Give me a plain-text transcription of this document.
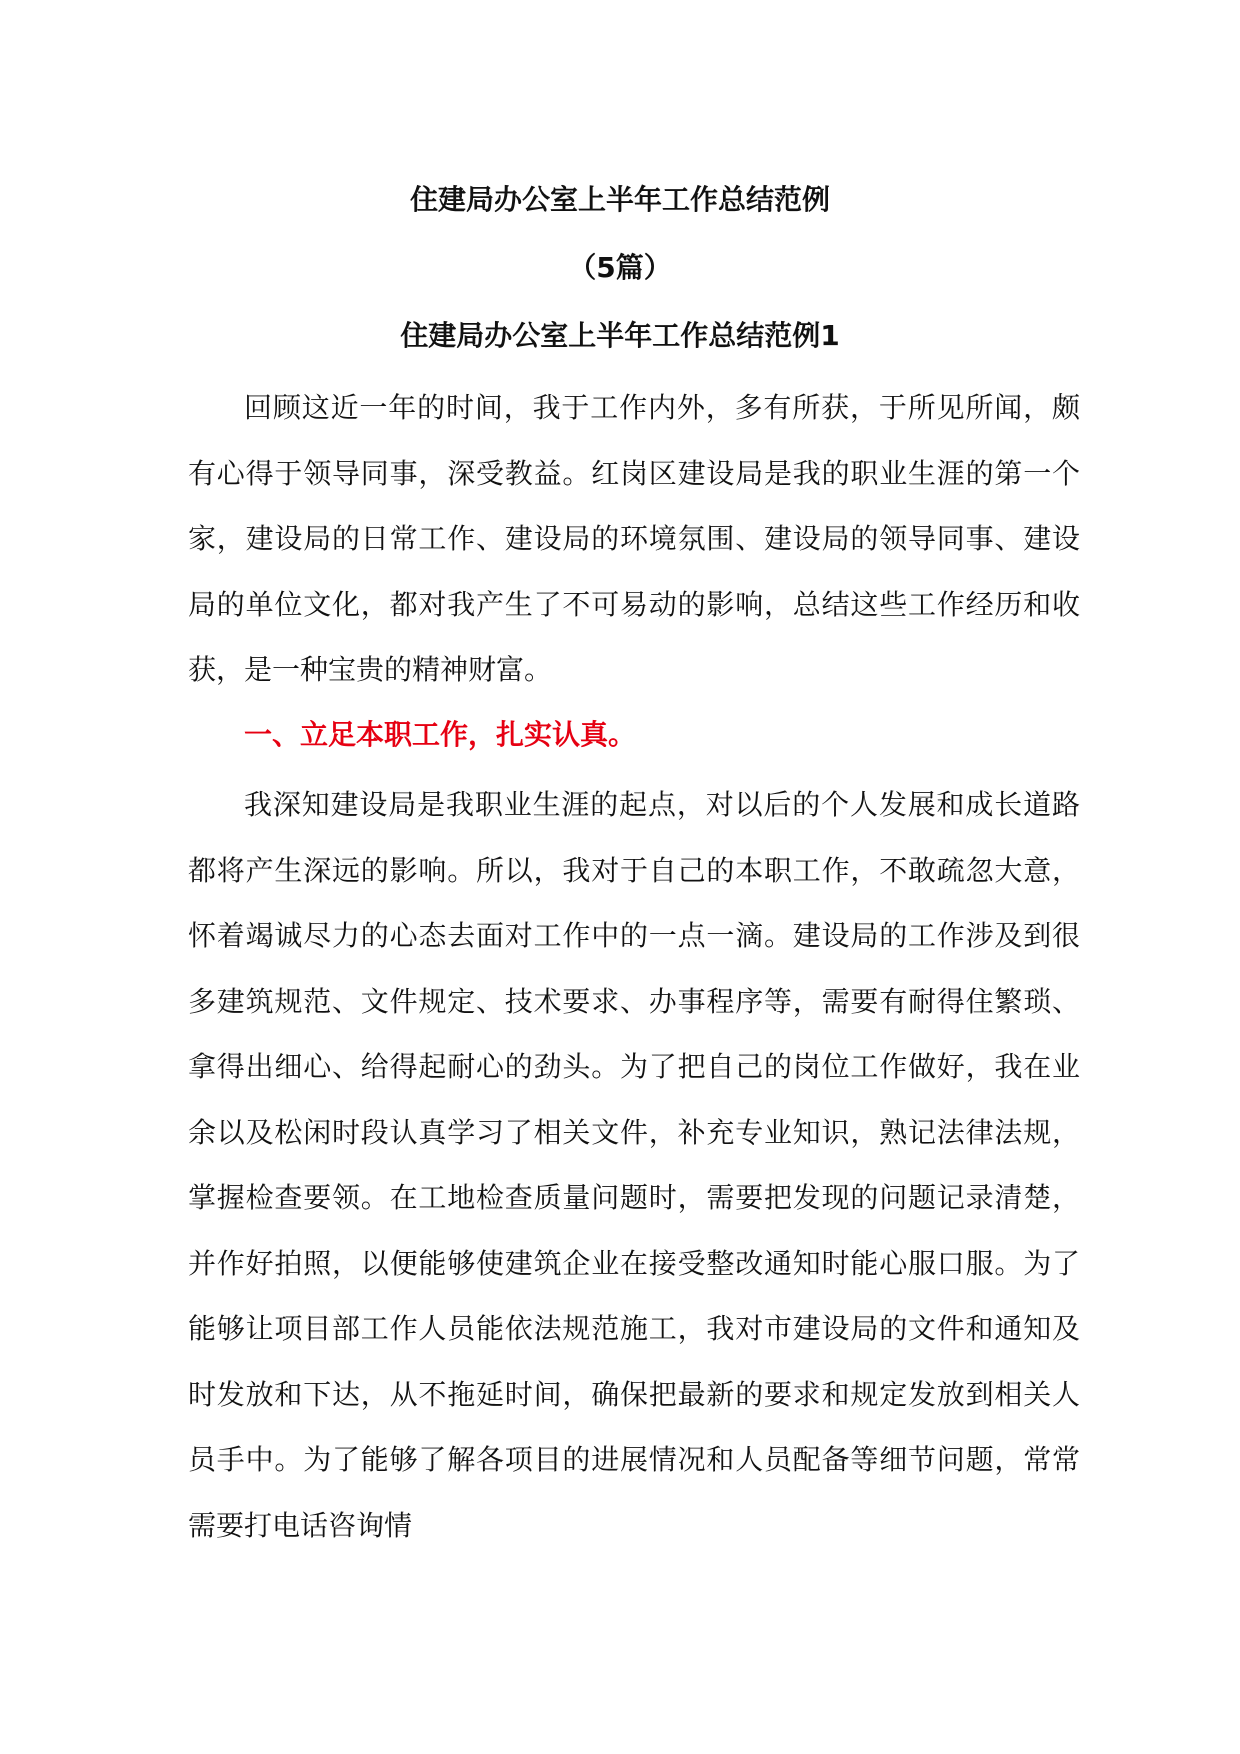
住建局办公室上半年工作总结范例
（5篇）
住建局办公室上半年工作总结范例1

回顾这近一年的时间，我于工作内外，多有所获，于所见所闻，颇有心得于领导同事，深受教益。红岗区建设局是我的职业生涯的第一个家，建设局的日常工作、建设局的环境氛围、建设局的领导同事、建设局的单位文化，都对我产生了不可易动的影响，总结这些工作经历和收获，是一种宝贵的精神财富。

一、立足本职工作，扎实认真。

我深知建设局是我职业生涯的起点，对以后的个人发展和成长道路都将产生深远的影响。所以，我对于自己的本职工作，不敢疏忽大意，怀着竭诚尽力的心态去面对工作中的一点一滴。建设局的工作涉及到很多建筑规范、文件规定、技术要求、办事程序等，需要有耐得住繁琐、拿得出细心、给得起耐心的劲头。为了把自己的岗位工作做好，我在业余以及松闲时段认真学习了相关文件，补充专业知识，熟记法律法规，掌握检查要领。在工地检查质量问题时，需要把发现的问题记录清楚，并作好拍照，以便能够使建筑企业在接受整改通知时能心服口服。为了能够让项目部工作人员能依法规范施工，我对市建设局的文件和通知及时发放和下达，从不拖延时间，确保把最新的要求和规定发放到相关人员手中。为了能够了解各项目的进展情况和人员配备等细节问题，常常需要打电话咨询情
